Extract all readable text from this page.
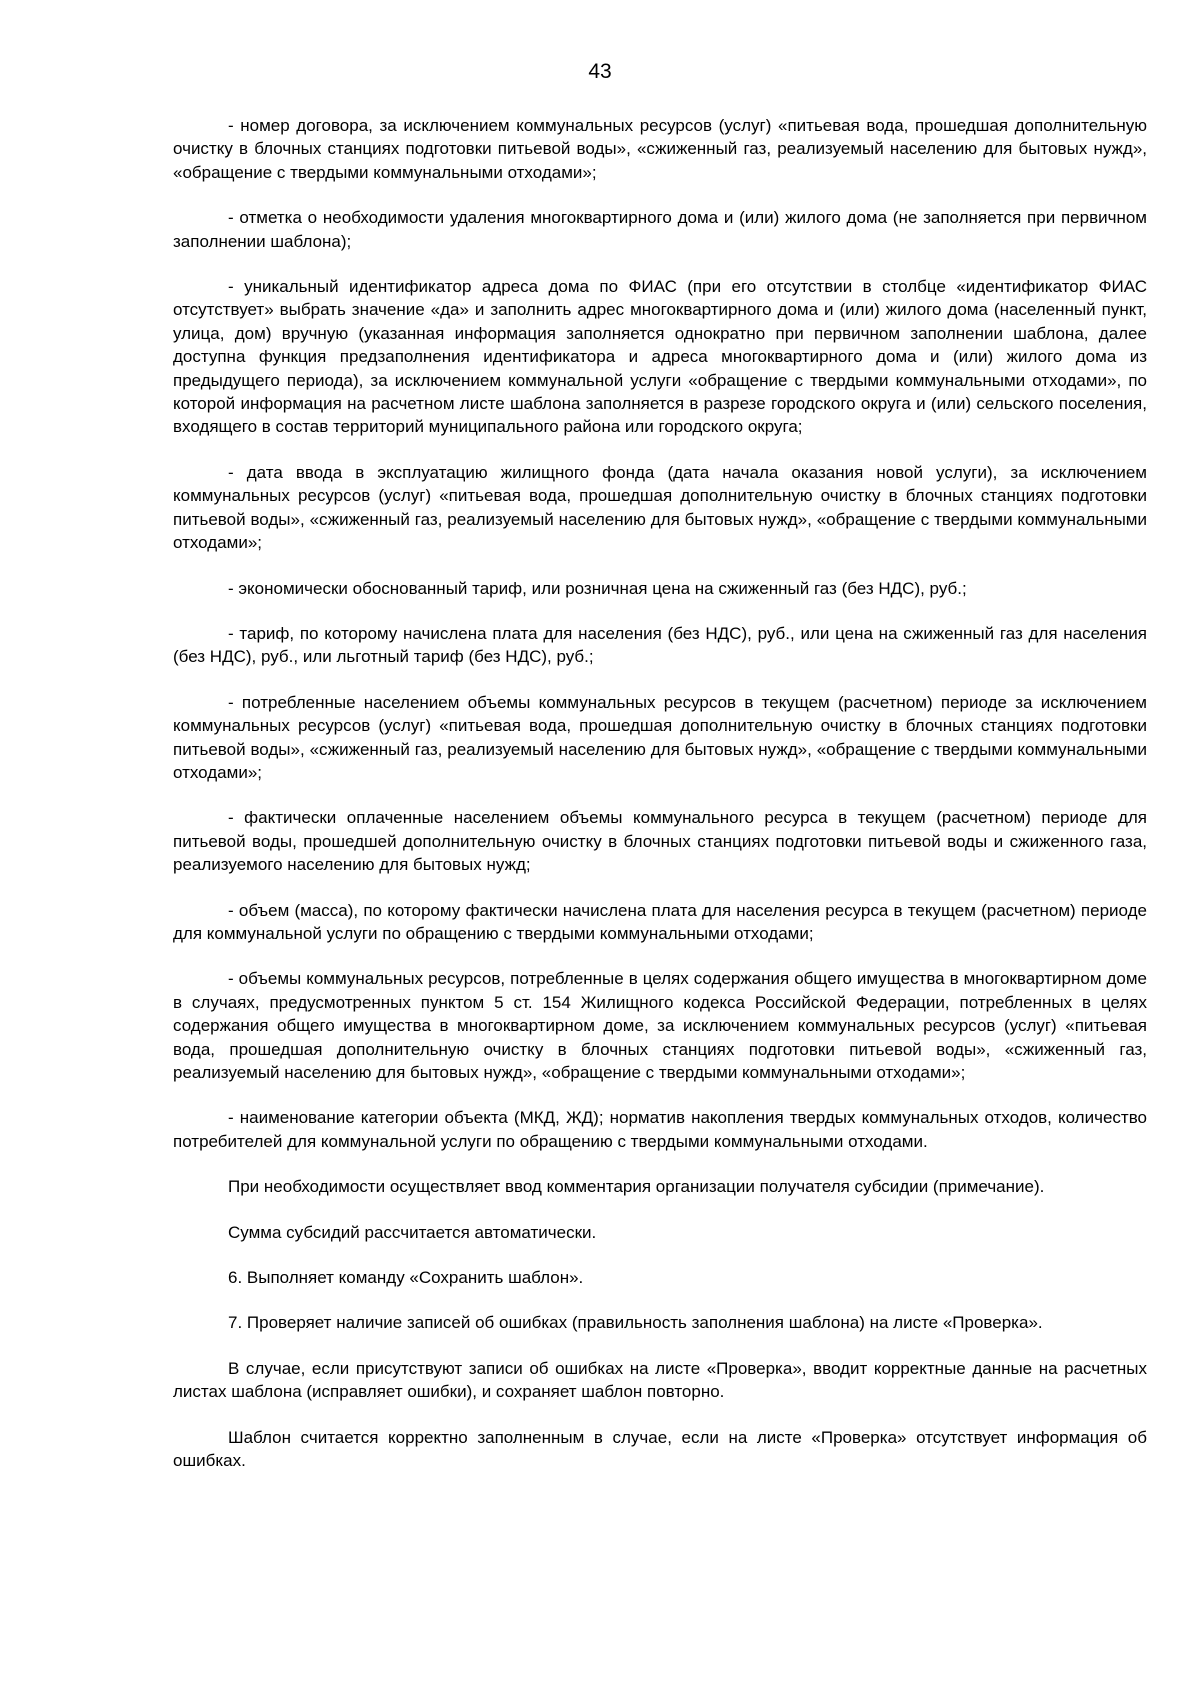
43

- номер договора, за исключением коммунальных ресурсов (услуг) «питьевая вода, прошедшая дополнительную очистку в блочных станциях подготовки питьевой воды», «сжиженный газ, реализуемый населению для бытовых нужд», «обращение с твердыми коммунальными отходами»;

- отметка о необходимости удаления многоквартирного дома и (или) жилого дома (не заполняется при первичном заполнении шаблона);

- уникальный идентификатор адреса дома по ФИАС (при его отсутствии в столбце «идентификатор ФИАС отсутствует» выбрать значение «да» и заполнить адрес многоквартирного дома и (или) жилого дома (населенный пункт, улица, дом) вручную (указанная информация заполняется однократно при первичном заполнении шаблона, далее доступна функция предзаполнения идентификатора и адреса многоквартирного дома и (или) жилого дома из предыдущего периода), за исключением коммунальной услуги «обращение с твердыми коммунальными отходами», по которой информация на расчетном листе шаблона заполняется в разрезе городского округа и (или) сельского поселения, входящего в состав территорий муниципального района или городского округа;

- дата ввода в эксплуатацию жилищного фонда (дата начала оказания новой услуги), за исключением коммунальных ресурсов (услуг) «питьевая вода, прошедшая дополнительную очистку в блочных станциях подготовки питьевой воды», «сжиженный газ, реализуемый населению для бытовых нужд», «обращение с твердыми коммунальными отходами»;

- экономически обоснованный тариф, или розничная цена на сжиженный газ (без НДС), руб.;

- тариф, по которому начислена плата для населения (без НДС), руб., или цена на сжиженный газ для населения (без НДС), руб., или льготный тариф (без НДС), руб.;

- потребленные населением объемы коммунальных ресурсов в текущем (расчетном) периоде за исключением коммунальных ресурсов (услуг) «питьевая вода, прошедшая дополнительную очистку в блочных станциях подготовки питьевой воды», «сжиженный газ, реализуемый населению для бытовых нужд», «обращение с твердыми коммунальными отходами»;

- фактически оплаченные населением объемы коммунального ресурса в текущем (расчетном) периоде для питьевой воды, прошедшей дополнительную очистку в блочных станциях подготовки питьевой воды и сжиженного газа, реализуемого населению для бытовых нужд;

- объем (масса), по которому фактически начислена плата для населения ресурса в текущем (расчетном) периоде для коммунальной услуги по обращению с твердыми коммунальными отходами;

- объемы коммунальных ресурсов, потребленные в целях содержания общего имущества в многоквартирном доме в случаях, предусмотренных пунктом 5 ст. 154 Жилищного кодекса Российской Федерации, потребленных в целях содержания общего имущества в многоквартирном доме, за исключением коммунальных ресурсов (услуг) «питьевая вода, прошедшая дополнительную очистку в блочных станциях подготовки питьевой воды», «сжиженный газ, реализуемый населению для бытовых нужд», «обращение с твердыми коммунальными отходами»;

- наименование категории объекта (МКД, ЖД); норматив накопления твердых коммунальных отходов, количество потребителей для коммунальной услуги по обращению с твердыми коммунальными отходами.

При необходимости осуществляет ввод комментария организации получателя субсидии (примечание).

Сумма субсидий рассчитается автоматически.

6. Выполняет команду «Сохранить шаблон».

7. Проверяет наличие записей об ошибках (правильность заполнения шаблона) на листе «Проверка».

В случае, если присутствуют записи об ошибках на листе «Проверка», вводит корректные данные на расчетных листах шаблона (исправляет ошибки), и сохраняет шаблон повторно.

Шаблон считается корректно заполненным в случае, если на листе «Проверка» отсутствует информация об ошибках.
